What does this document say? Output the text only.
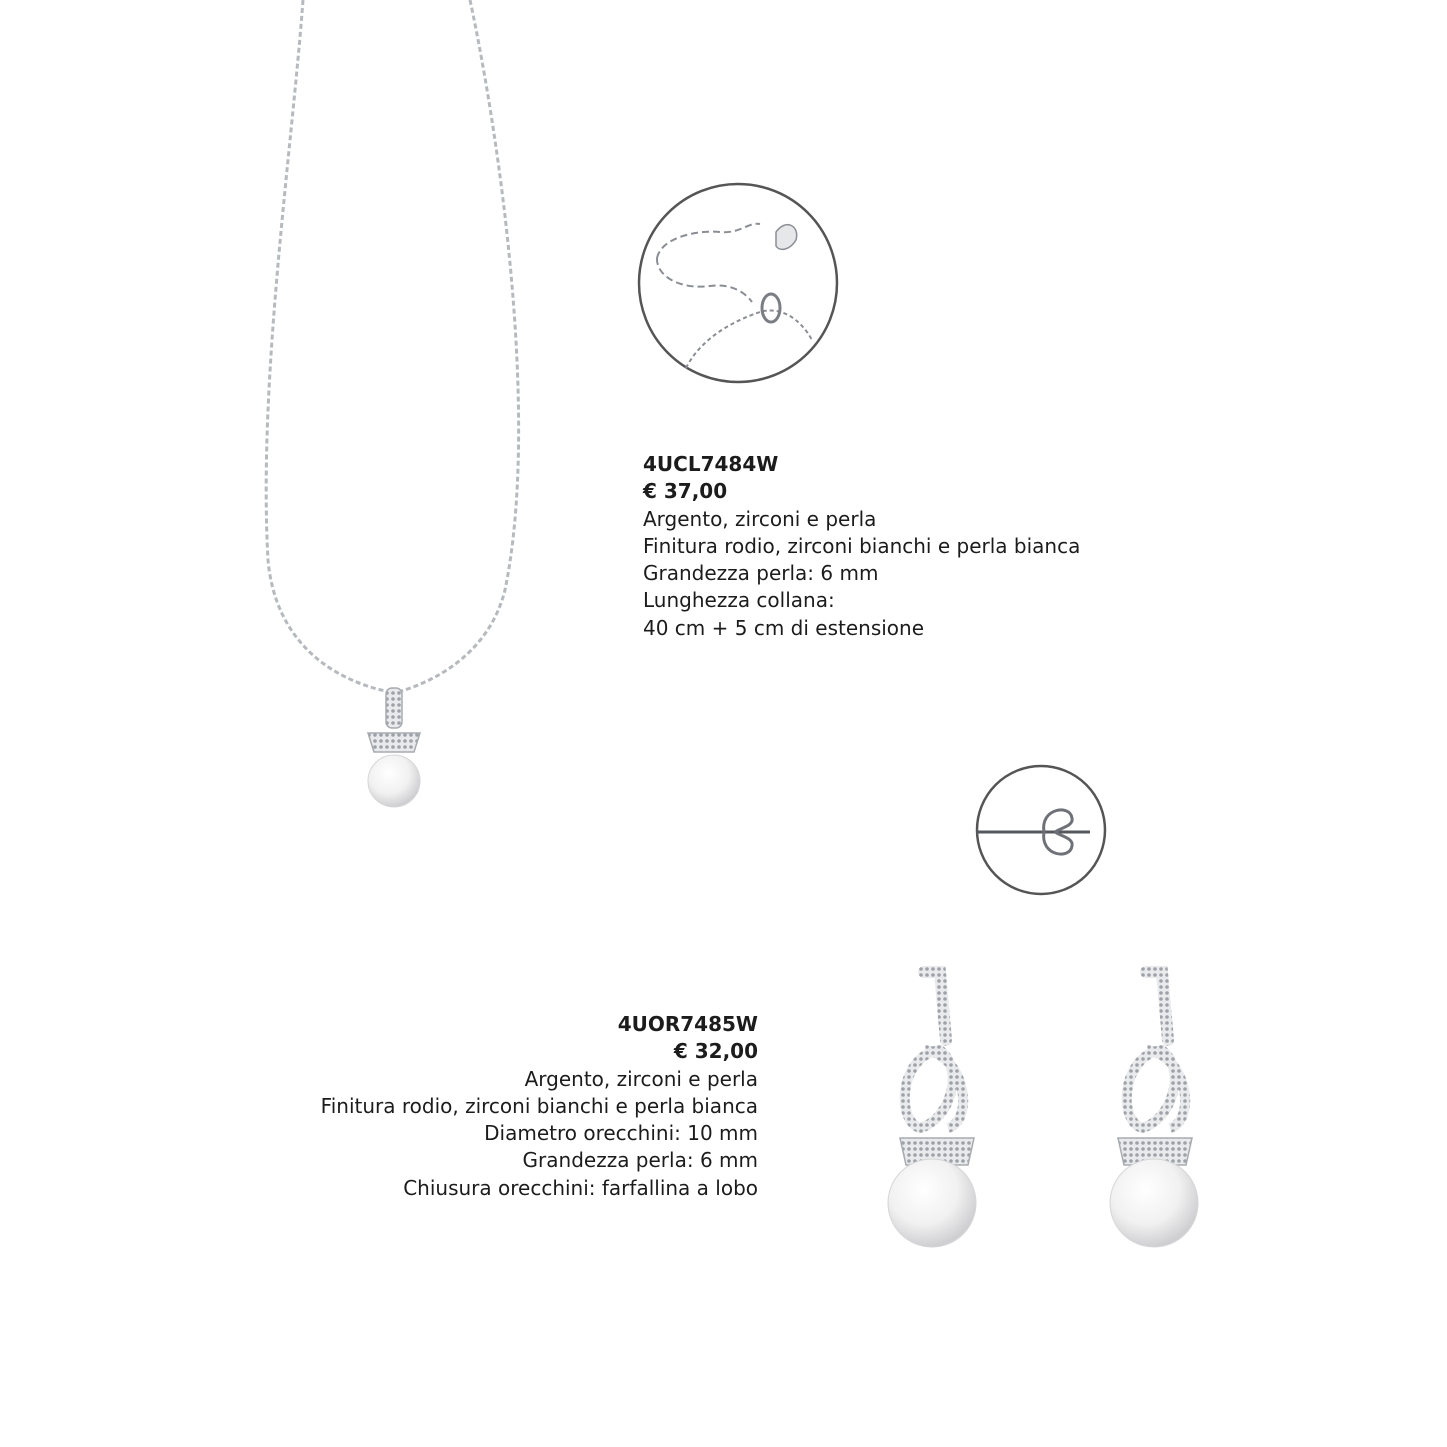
4UCL7484W
€ 37,00
Argento, zirconi e perla
Finitura rodio, zirconi bianchi e perla bianca
Grandezza perla: 6 mm
Lunghezza collana:
40 cm + 5 cm di estensione
4UOR7485W
€ 32,00
Argento, zirconi e perla
Finitura rodio, zirconi bianchi e perla bianca
Diametro orecchini: 10 mm
Grandezza perla: 6 mm
Chiusura orecchini: farfallina a lobo
